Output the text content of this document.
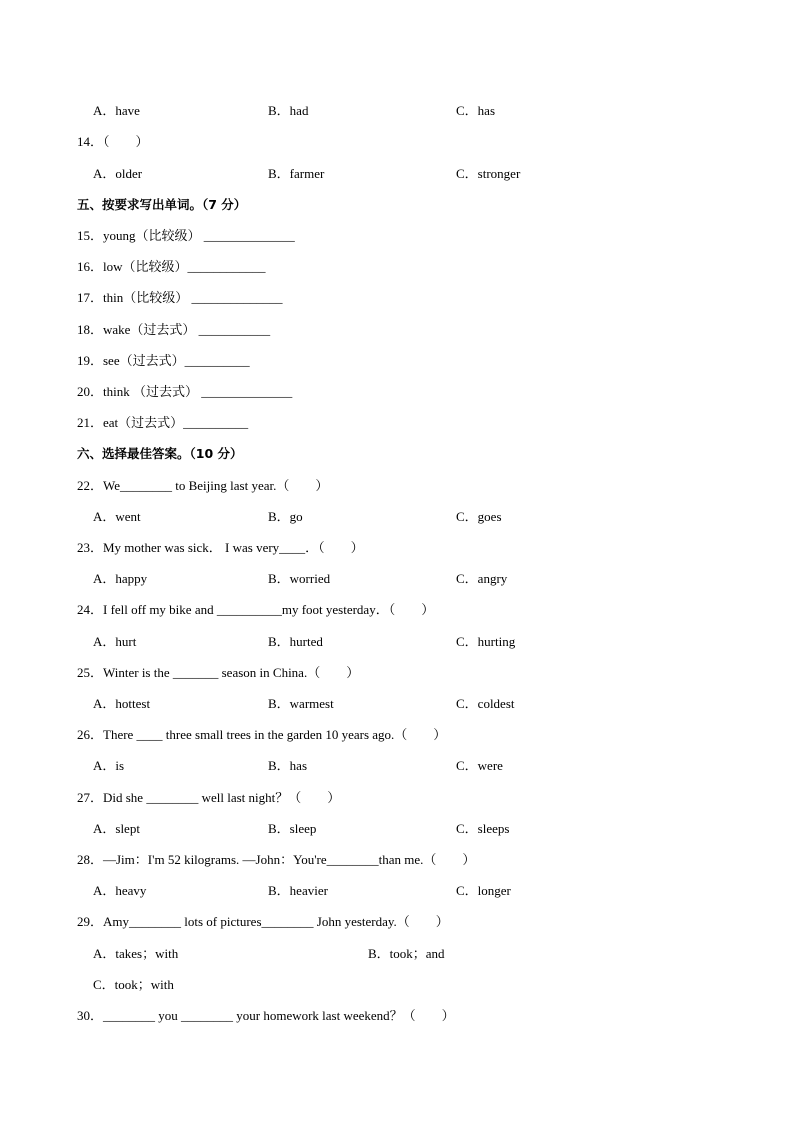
A．have	B．had	C．has
14．（　　）
A．older	B．farmer	C．stronger
五、按要求写出单词。（7 分）
15．young（比较级） ______________
16．low（比较级）____________
17．thin（比较级） ______________
18．wake（过去式） ___________
19．see（过去式）__________
20．think （过去式） ______________
21．eat（过去式）__________
六、选择最佳答案。（10 分）
22．We________ to Beijing last year.（　　）
A．went	B．go	C．goes
23．My mother was sick． I was very____．（　　）
A．happy	B．worried	C．angry
24．I fell off my bike and __________my foot yesterday．（　　）
A．hurt	B．hurted	C．hurting
25．Winter is the _______ season in China.（　　）
A．hottest	B．warmest	C．coldest
26．There ____ three small trees in the garden 10 years ago.（　　）
A．is	B．has	C．were
27．Did she ________ well last night？（　　）
A．slept	B．sleep	C．sleeps
28．—Jim：I'm 52 kilograms. —John：You're________than me.（　　）
A．heavy	B．heavier	C．longer
29．Amy________ lots of pictures________ John yesterday.（　　）
A．takes；with	B．took；and
C．took；with
30．________ you ________ your homework last weekend？（　　）
